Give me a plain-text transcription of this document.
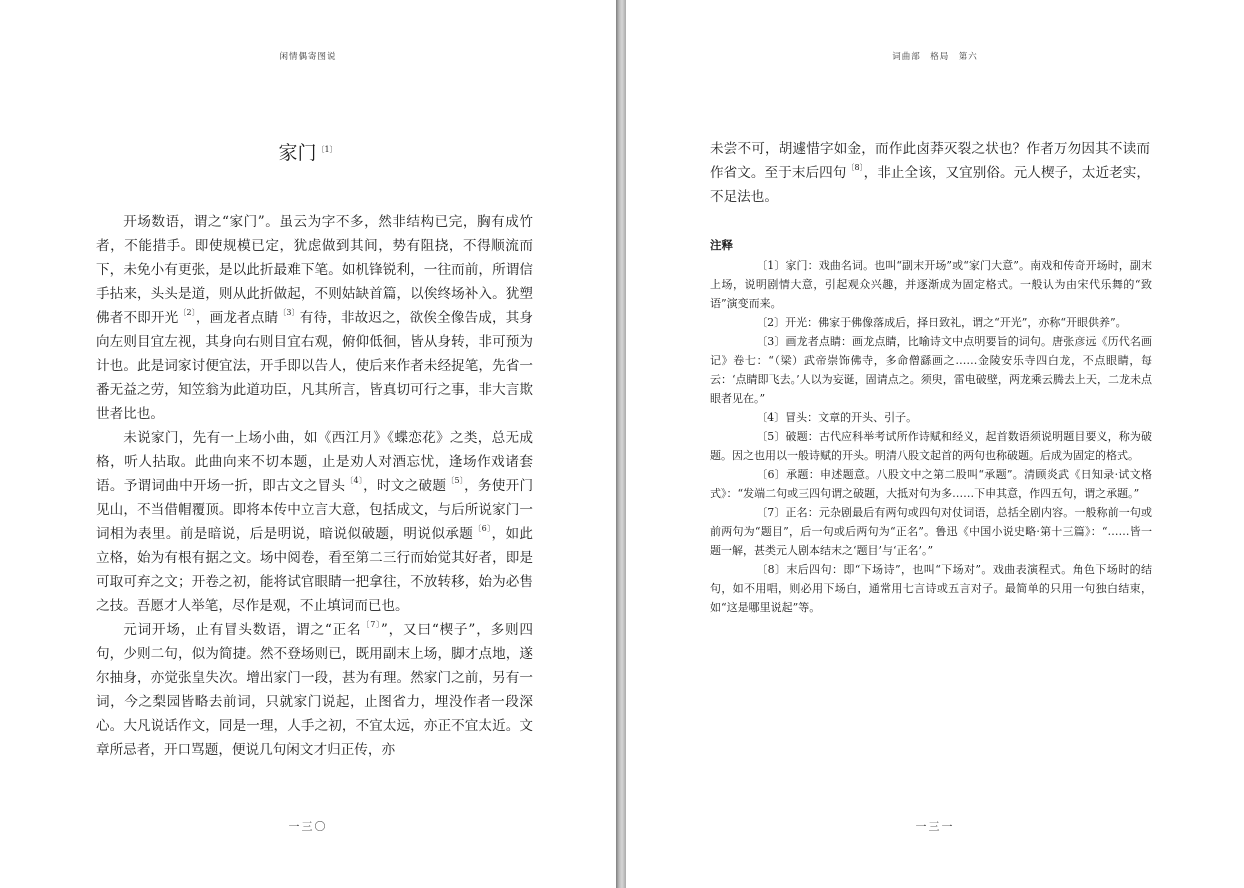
闲情偶寄图说
家门$^{〔1〕}$

开场数语，谓之“家门”。虽云为字不多，然非结构已完，胸有成竹者，不能措手。即使规模已定，犹虑做到其间，势有阻挠，不得顺流而下，未免小有更张，是以此折最难下笔。如机锋锐利，一往而前，所谓信手拈来，头头是道，则从此折做起，不则姑缺首篇，以俟终场补入。犹塑佛者不即开光$^{〔2〕}$，画龙者点睛$^{〔3〕}$有待，非故迟之，欲俟全像告成，其身向左则目宜左视，其身向右则目宜右观，俯仰低徊，皆从身转，非可预为计也。此是词家讨便宜法，开手即以告人，使后来作者未经捉笔，先省一番无益之劳，知笠翁为此道功臣，凡其所言，皆真切可行之事，非大言欺世者比也。

未说家门，先有一上场小曲，如《西江月》《蝶恋花》之类，总无成格，听人拈取。此曲向来不切本题，止是劝人对酒忘忧，逢场作戏诸套语。予谓词曲中开场一折，即古文之冒头$^{〔4〕}$，时文之破题$^{〔5〕}$，务使开门见山，不当借帽覆顶。即将本传中立言大意，包括成文，与后所说家门一词相为表里。前是暗说，后是明说，暗说似破题，明说似承题$^{〔6〕}$，如此立格，始为有根有据之文。场中阅卷，看至第二三行而始觉其好者，即是可取可弃之文；开卷之初，能将试官眼睛一把拿往，不放转移，始为必售之技。吾愿才人举笔，尽作是观，不止填词而已也。

元词开场，止有冒头数语，谓之“正名$^{〔7〕}$”，又曰“楔子”，多则四句，少则二句，似为简捷。然不登场则已，既用副末上场，脚才点地，遂尔抽身，亦觉张皇失次。增出家门一段，甚为有理。然家门之前，另有一词，今之梨园皆略去前词，只就家门说起，止图省力，埋没作者一段深心。大凡说话作文，同是一理，人手之初，不宜太远，亦正不宜太近。文章所忌者，开口骂题，便说几句闲文才归正传，亦

一三〇
词曲部　格局　第六

未尝不可，胡遽惜字如金，而作此卤莽灭裂之状也？作者万勿因其不读而作省文。至于末后四句$^{〔8〕}$，非止全该，又宜别俗。元人楔子，太近老实，不足法也。

注释

〔1〕家门：戏曲名词。也叫“副末开场”或“家门大意”。南戏和传奇开场时，副末上场，说明剧情大意，引起观众兴趣，并逐渐成为固定格式。一般认为由宋代乐舞的“致语”演变而来。

〔2〕开光：佛家于佛像落成后，择日致礼，谓之“开光”，亦称“开眼供养”。

〔3〕画龙者点睛：画龙点睛，比喻诗文中点明要旨的词句。唐张彦远《历代名画记》卷七：“（梁）武帝崇饰佛寺，多命僧繇画之……金陵安乐寺四白龙，不点眼睛，每云：‘点睛即飞去。’人以为妄诞，固请点之。须臾，雷电破壁，两龙乘云腾去上天，二龙未点眼者见在。”

〔4〕冒头：文章的开头、引子。

〔5〕破题：古代应科举考试所作诗赋和经义，起首数语须说明题目要义，称为破题。因之也用以一般诗赋的开头。明清八股文起首的两句也称破题。后成为固定的格式。

〔6〕承题：申述题意。八股文中之第二股叫“承题”。清顾炎武《日知录·试文格式》：“发端二句或三四句谓之破题，大抵对句为多……下申其意，作四五句，谓之承题。”

〔7〕正名：元杂剧最后有两句或四句对仗词语，总括全剧内容。一般称前一句或前两句为“题目”，后一句或后两句为“正名”。鲁迅《中国小说史略·第十三篇》：“……皆一题一解，甚类元人剧本结末之‘题目’与‘正名’。”

〔8〕末后四句：即“下场诗”，也叫“下场对”。戏曲表演程式。角色下场时的结句，如不用唱，则必用下场白，通常用七言诗或五言对子。最简单的只用一句独白结束，如“这是哪里说起”等。

一三一
